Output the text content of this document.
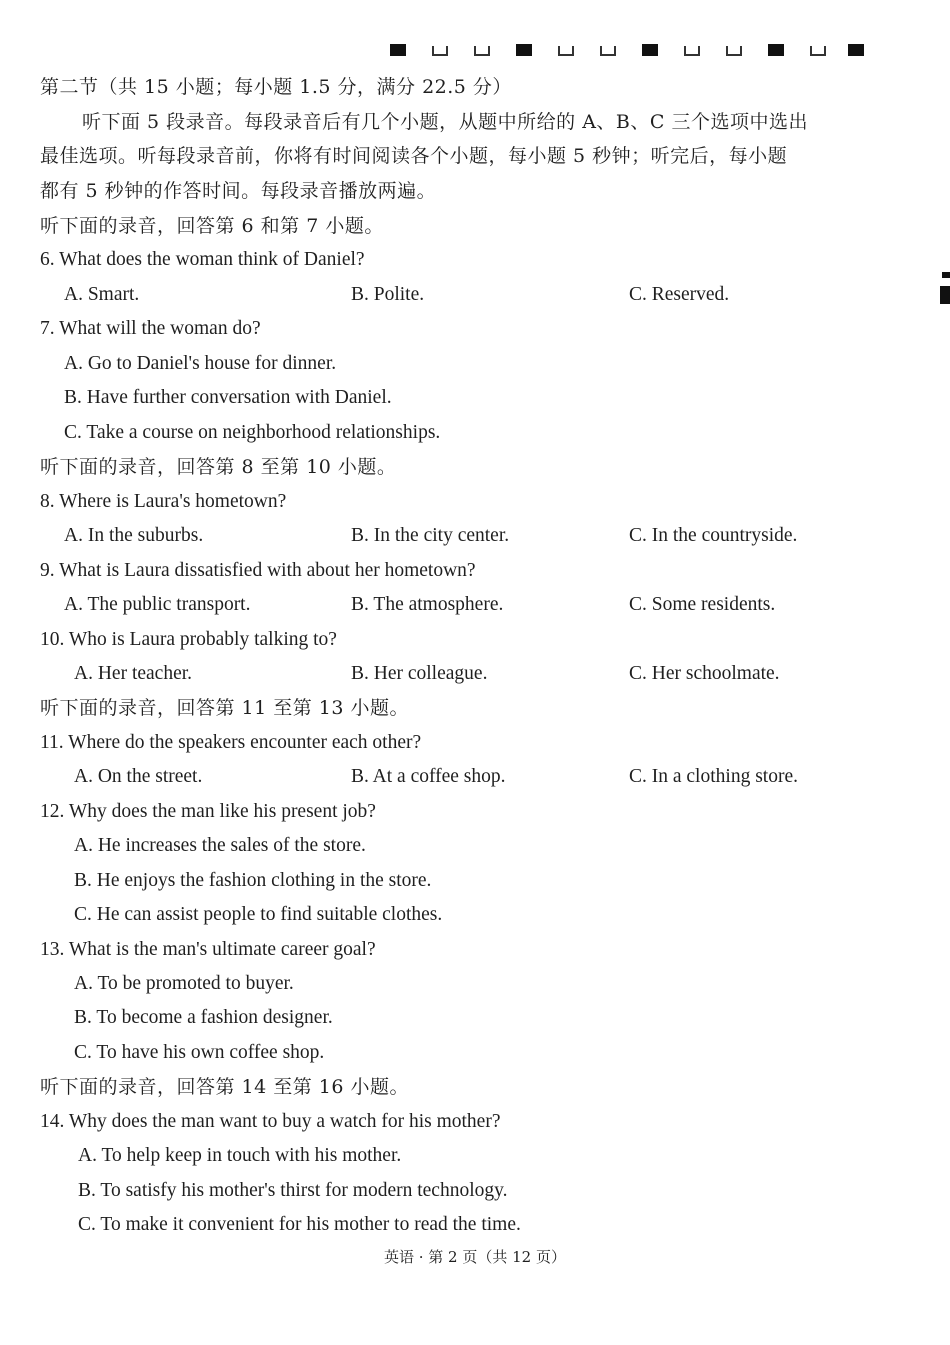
第二节（共 15 小题；每小题 1.5 分，满分 22.5 分）
听下面 5 段录音。每段录音后有几个小题，从题中所给的 A、B、C 三个选项中选出
最佳选项。听每段录音前，你将有时间阅读各个小题，每小题 5 秒钟；听完后，每小题
都有 5 秒钟的作答时间。每段录音播放两遍。
听下面的录音，回答第 6 和第 7 小题。
6. What does the woman think of Daniel?
A. Smart.	B. Polite.	C. Reserved.
7. What will the woman do?
A. Go to Daniel's house for dinner.
B. Have further conversation with Daniel.
C. Take a course on neighborhood relationships.
听下面的录音，回答第 8 至第 10 小题。
8. Where is Laura's hometown?
A. In the suburbs.	B. In the city center.	C. In the countryside.
9. What is Laura dissatisfied with about her hometown?
A. The public transport.	B. The atmosphere.	C. Some residents.
10. Who is Laura probably talking to?
A. Her teacher.	B. Her colleague.	C. Her schoolmate.
听下面的录音，回答第 11 至第 13 小题。
11. Where do the speakers encounter each other?
A. On the street.	B. At a coffee shop.	C. In a clothing store.
12. Why does the man like his present job?
A. He increases the sales of the store.
B. He enjoys the fashion clothing in the store.
C. He can assist people to find suitable clothes.
13. What is the man's ultimate career goal?
A. To be promoted to buyer.
B. To become a fashion designer.
C. To have his own coffee shop.
听下面的录音，回答第 14 至第 16 小题。
14. Why does the man want to buy a watch for his mother?
A. To help keep in touch with his mother.
B. To satisfy his mother's thirst for modern technology.
C. To make it convenient for his mother to read the time.
英语 · 第 2 页（共 12 页）
